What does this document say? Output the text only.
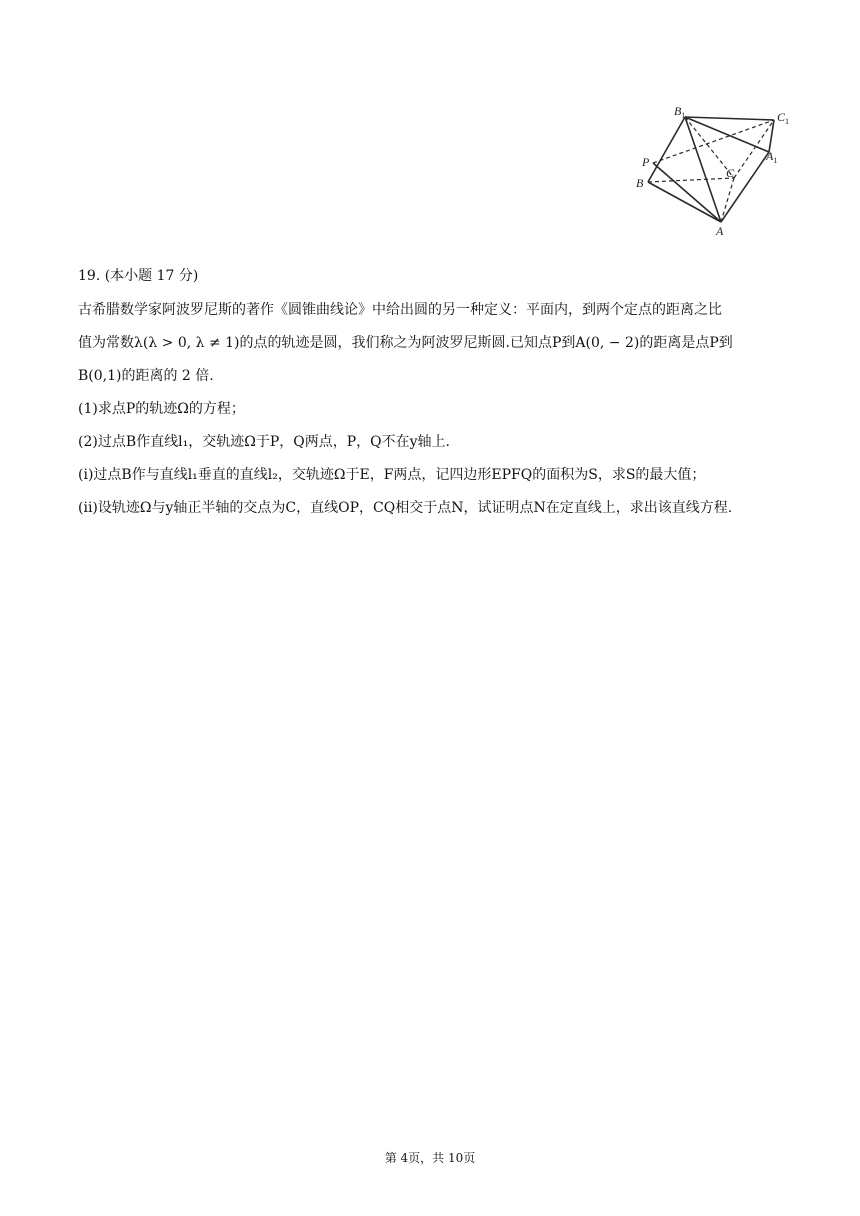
$B_1$	$C_1$
$A_1$
P
B
C
A
19. (本小题 17 分)
古希腊数学家阿波罗尼斯的著作《圆锥曲线论》中给出圆的另一种定义：平面内，到两个定点的距离之比
值为常数λ(λ > 0, λ ≠ 1)的点的轨迹是圆，我们称之为阿波罗尼斯圆.已知点P到A(0, − 2)的距离是点P到
B(0,1)的距离的 2 倍.
(1)求点P的轨迹Ω的方程；
(2)过点B作直线l₁，交轨迹Ω于P，Q两点，P，Q不在y轴上.
(i)过点B作与直线l₁垂直的直线l₂，交轨迹Ω于E，F两点，记四边形EPFQ的面积为S，求S的最大值；
(ii)设轨迹Ω与y轴正半轴的交点为C，直线OP，CQ相交于点N，试证明点N在定直线上，求出该直线方程.
第 4页，共 10页
